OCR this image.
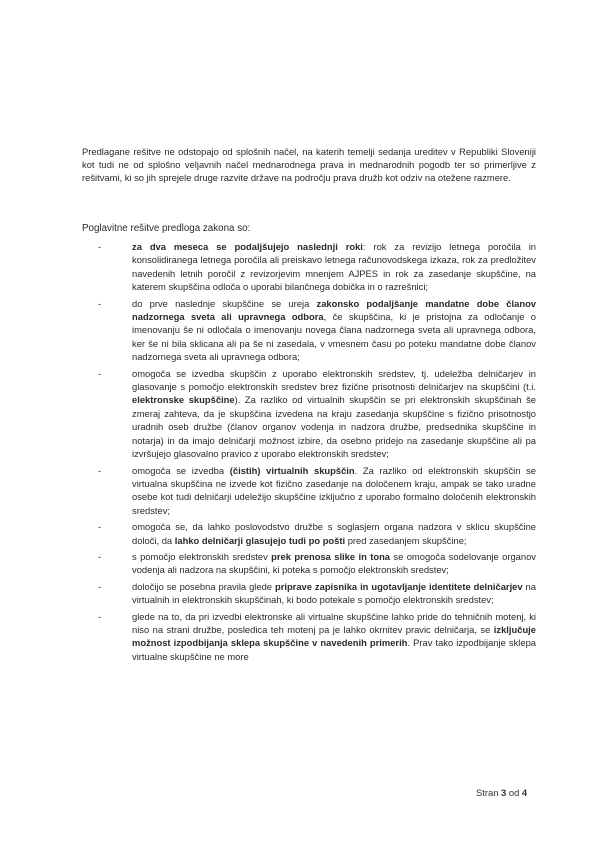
Predlagane rešitve ne odstopajo od splošnih načel, na katerih temelji sedanja ureditev v Republiki Sloveniji kot tudi ne od splošno veljavnih načel mednarodnega prava in mednarodnih pogodb ter so primerljive z rešitvami, ki so jih sprejele druge razvite države na področju prava družb kot odziv na otežene razmere.

Poglavitne rešitve predloga zakona so:

-	za dva meseca se podaljšujejo naslednji roki: rok za revizijo letnega poročila in konsolidiranega letnega poročila ali preiskavo letnega računovodskega izkaza, rok za predložitev navedenih letnih poročil z revizorjevim mnenjem AJPES in rok za zasedanje skupščine, na katerem skupščina odloča o uporabi bilančnega dobička in o razrešnici;
-	do prve naslednje skupščine se ureja zakonsko podaljšanje mandatne dobe članov nadzornega sveta ali upravnega odbora, če skupščina, ki je pristojna za odločanje o imenovanju še ni odločala o imenovanju novega člana nadzornega sveta ali upravnega odbora, ker še ni bila sklicana ali pa še ni zasedala, v vmesnem času po poteku mandatne dobe članov nadzornega sveta ali upravnega odbora;
-	omogoča se izvedba skupščin z uporabo elektronskih sredstev, tj. udeležba delničarjev in glasovanje s pomočjo elektronskih sredstev brez fizične prisotnosti delničarjev na skupščini (t.i. elektronske skupščine). Za razliko od virtualnih skupščin se pri elektronskih skupščinah še zmeraj zahteva, da je skupščina izvedena na kraju zasedanja skupščine s fizično prisotnostjo uradnih oseb družbe (članov organov vodenja in nadzora družbe, predsednika skupščine in notarja) in da imajo delničarji možnost izbire, da osebno pridejo na zasedanje skupščine ali pa izvršujejo glasovalno pravico z uporabo elektronskih sredstev;
-	omogoča se izvedba (čistih) virtualnih skupščin. Za razliko od elektronskih skupščin se virtualna skupščina ne izvede kot fizično zasedanje na določenem kraju, ampak se tako uradne osebe kot tudi delničarji udeležijo skupščine izključno z uporabo formalno določenih elektronskih sredstev;
-	omogoča se, da lahko poslovodstvo družbe s soglasjem organa nadzora v sklicu skupščine določi, da lahko delničarji glasujejo tudi po pošti pred zasedanjem skupščine;
-	s pomočjo elektronskih sredstev prek prenosa slike in tona se omogoča sodelovanje organov vodenja ali nadzora na skupščini, ki poteka s pomočjo elektronskih sredstev;
-	določijo se posebna pravila glede priprave zapisnika in ugotavljanje identitete delničarjev na virtualnih in elektronskih skupščinah, ki bodo potekale s pomočjo elektronskih sredstev;
-	glede na to, da pri izvedbi elektronske ali virtualne skupščine lahko pride do tehničnih motenj, ki niso na strani družbe, posledica teh motenj pa je lahko okrnitev pravic delničarja, se izključuje možnost izpodbijanja sklepa skupščine v navedenih primerih. Prav tako izpodbijanje sklepa virtualne skupščine ne more
Stran 3 od 4
